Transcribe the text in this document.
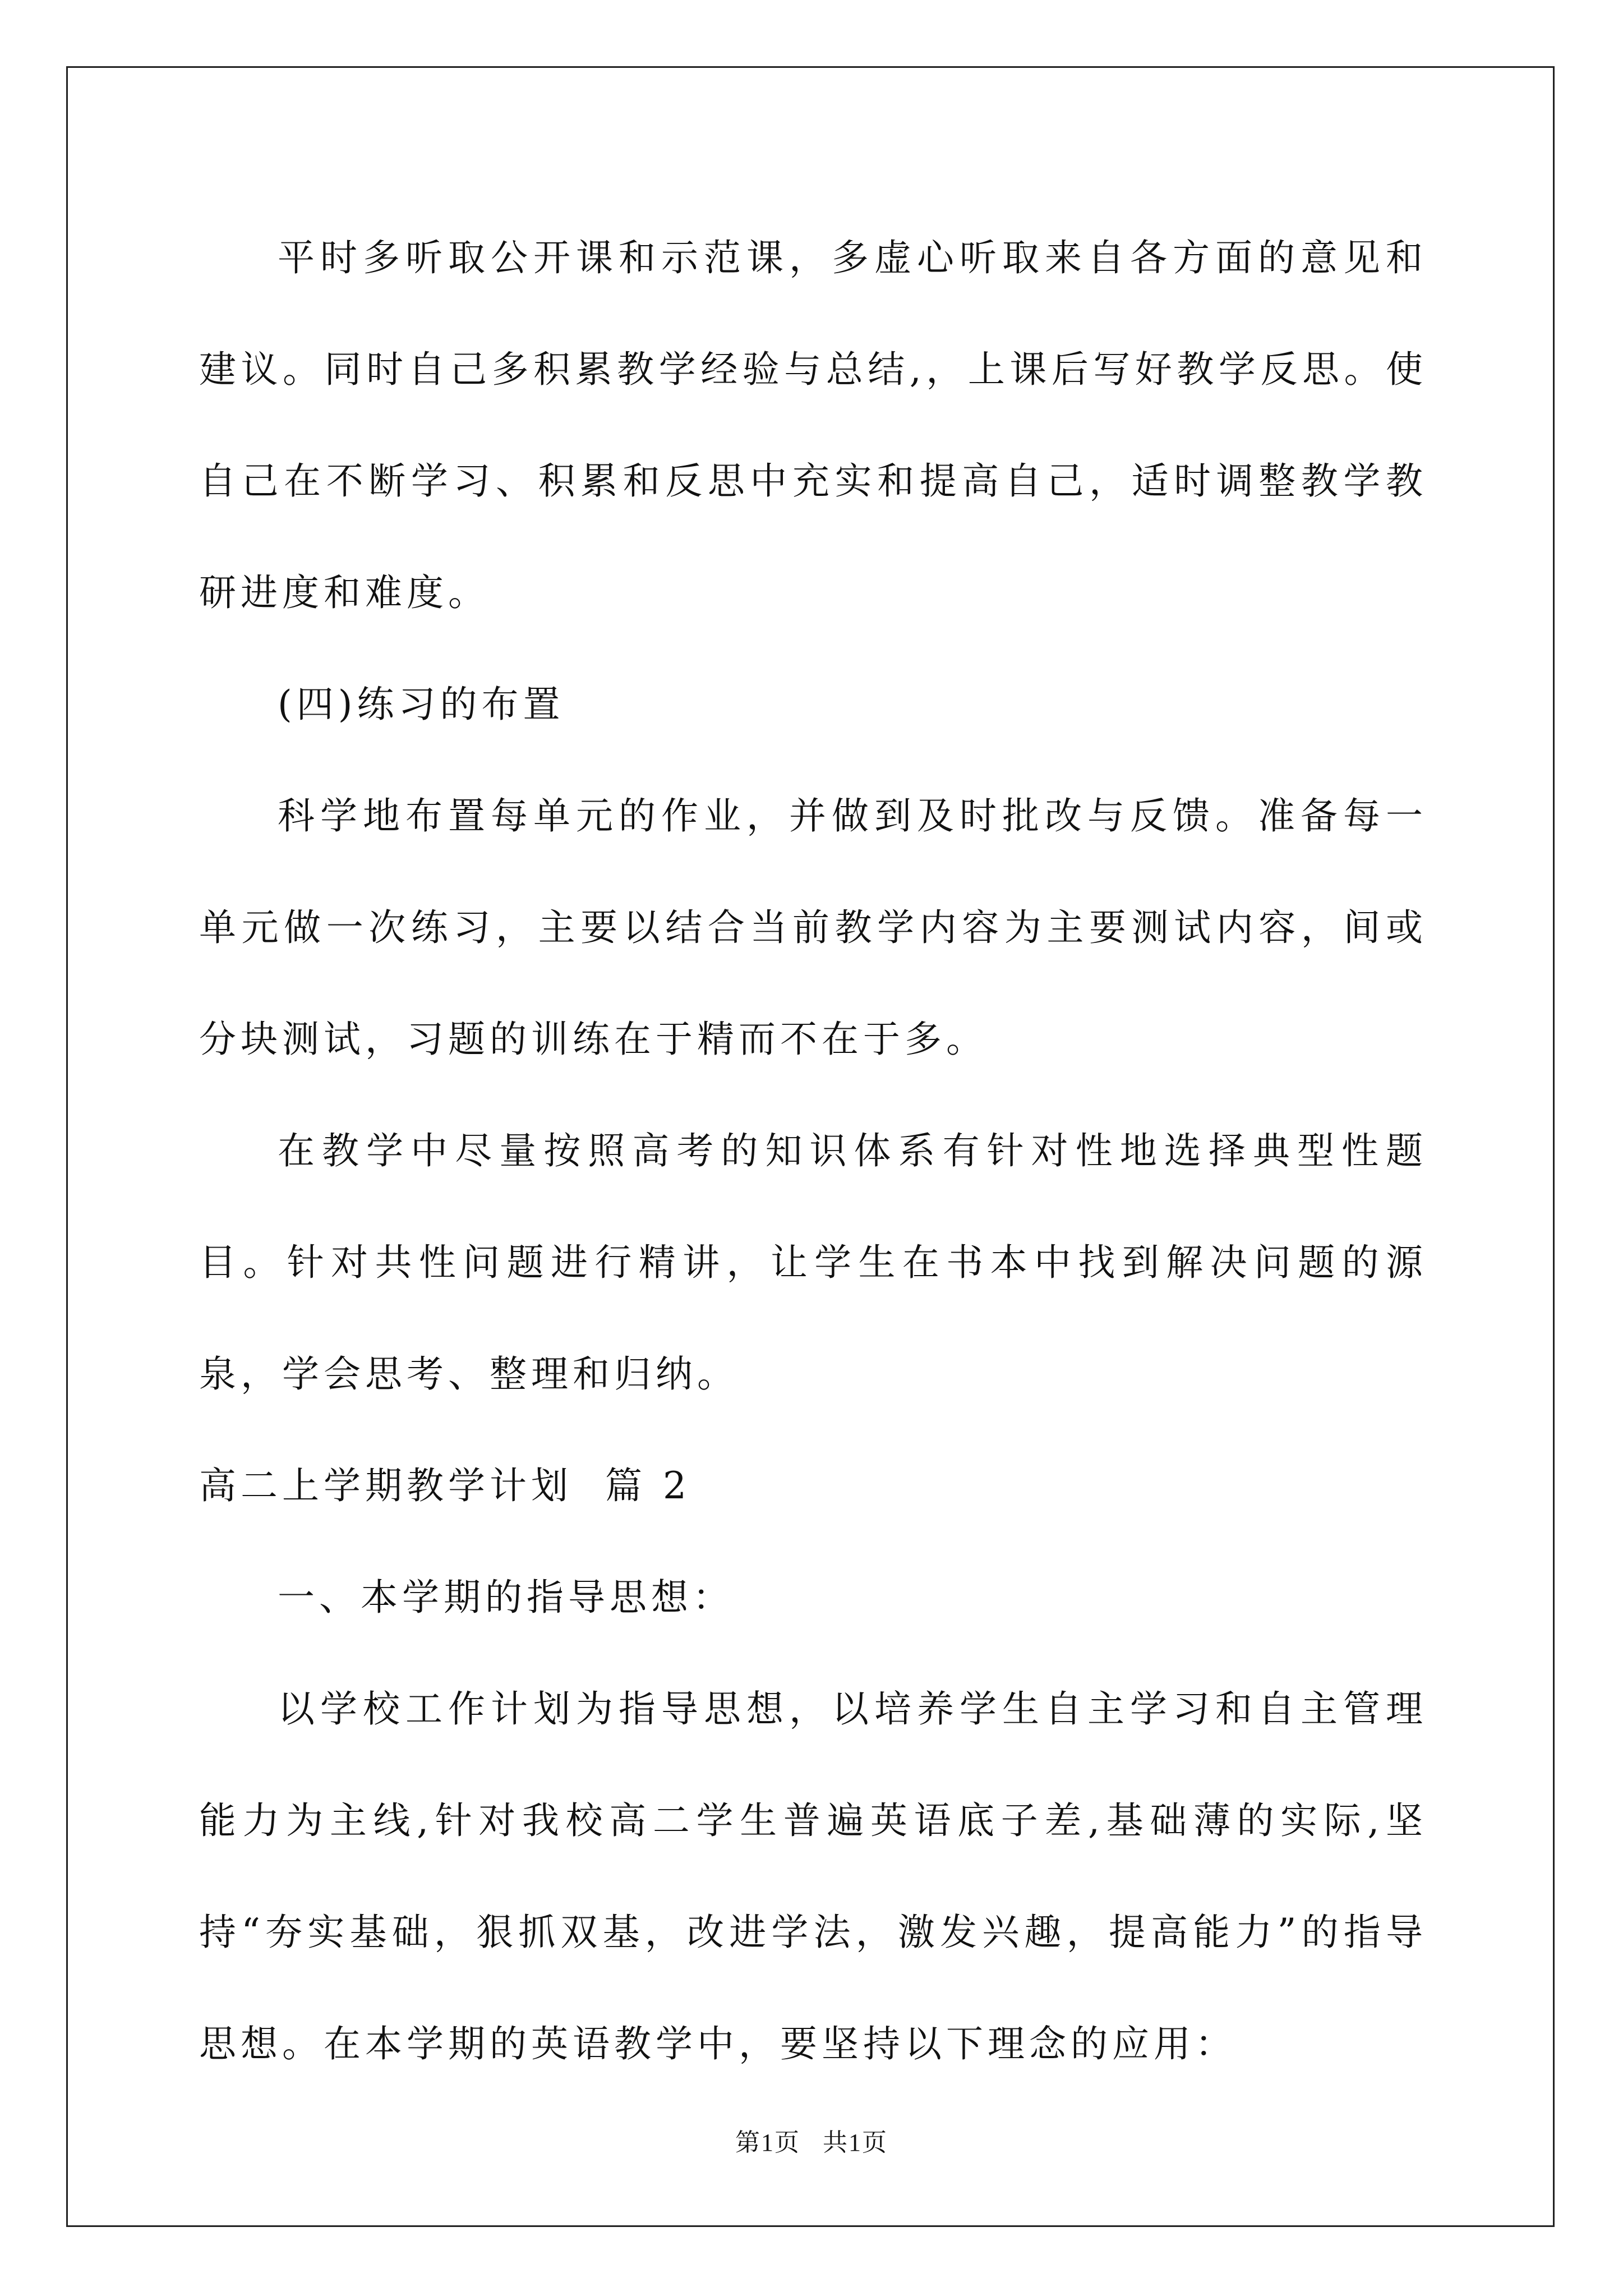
平时多听取公开课和示范课，多虚心听取来自各方面的意见和建议。同时自己多积累教学经验与总结,，上课后写好教学反思。使自己在不断学习、积累和反思中充实和提高自己，适时调整教学教研进度和难度。

(四)练习的布置

科学地布置每单元的作业，并做到及时批改与反馈。准备每一单元做一次练习，主要以结合当前教学内容为主要测试内容，间或分块测试，习题的训练在于精而不在于多。

在教学中尽量按照高考的知识体系有针对性地选择典型性题目。针对共性问题进行精讲，让学生在书本中找到解决问题的源泉，学会思考、整理和归纳。

高二上学期教学计划  篇 2

一、本学期的指导思想：

以学校工作计划为指导思想，以培养学生自主学习和自主管理能力为主线,针对我校高二学生普遍英语底子差,基础薄的实际,坚持“夯实基础，狠抓双基，改进学法，激发兴趣，提高能力”的指导思想。在本学期的英语教学中，要坚持以下理念的应用：

第1页 共1页
